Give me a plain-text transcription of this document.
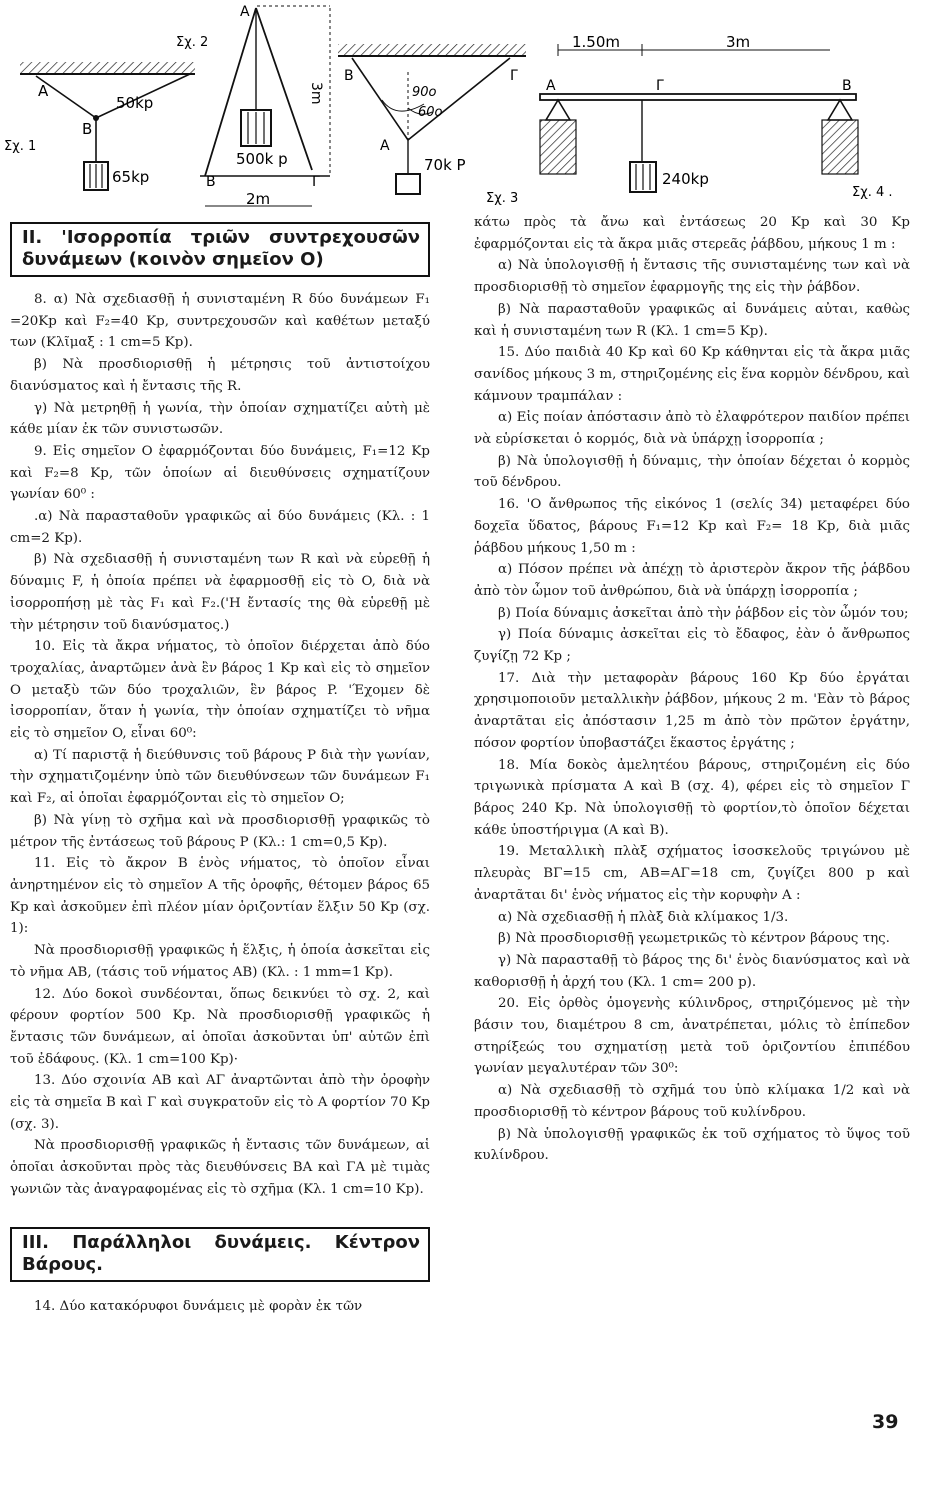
A
B
50kp
65kp
Σχ. 1
Σχ. 2
A
500k p
3m
B	Γ
2m
B	Γ
A
90o
60o
70k P
Σχ. 3
1.50m	3m
A	Γ	B
240kp
Σχ. 4 .
II. 'Ισορροπία τριῶν συντρεχουσῶν δυνάμεων (κοινὸν σημεῖον O)

8. α) Νὰ σχεδιασθῇ ἡ συνισταμένη R δύο δυνάμεων F₁ =20Kp καὶ F₂=40 Kp, συντρεχουσῶν καὶ καθέτων μεταξύ των (Κλῖμαξ : 1 cm=5 Kp).

β) Νὰ προσδιορισθῇ ἡ μέτρησις τοῦ ἀντιστοίχου διανύσματος καὶ ἡ ἔντασις τῆς R.

γ) Νὰ μετρηθῇ ἡ γωνία, τὴν ὁποίαν σχηματίζει αὐτὴ μὲ κάθε μίαν ἐκ τῶν συνιστωσῶν.

9. Εἰς σημεῖον O ἐφαρμόζονται δύο δυνάμεις, F₁=12 Kp καὶ F₂=8 Kp, τῶν ὁποίων αἱ διευθύνσεις σχηματίζουν γωνίαν 60⁰ :

.α) Νὰ παρασταθοῦν γραφικῶς αἱ δύο δυνάμεις (Κλ. : 1 cm=2 Kp).

β) Νὰ σχεδιασθῇ ἡ συνισταμένη των R καὶ νὰ εὑρεθῇ ἡ δύναμις F, ἡ ὁποία πρέπει νὰ ἐφαρμοσθῇ εἰς τὸ O, διὰ νὰ ἰσορροπήσῃ μὲ τὰς F₁ καὶ F₂.('Η ἔντασίς της θὰ εὑρεθῇ μὲ τὴν μέτρησιν τοῦ διανύσματος.)

10. Εἰς τὰ ἄκρα νήματος, τὸ ὁποῖον διέρχεται ἀπὸ δύο τροχαλίας, ἀναρτῶμεν ἀνὰ ἓν βάρος 1 Kp καὶ εἰς τὸ σημεῖον O μεταξὺ τῶν δύο τροχαλιῶν, ἓν βάρος P. 'Έχομεν δὲ ἰσορροπίαν, ὅταν ἡ γωνία, τὴν ὁποίαν σχηματίζει τὸ νῆμα εἰς τὸ σημεῖον O, εἶναι 60⁰:

α) Τί παριστᾷ ἡ διεύθυνσις τοῦ βάρους P διὰ τὴν γωνίαν, τὴν σχηματιζομένην ὑπὸ τῶν διευθύνσεων τῶν δυνάμεων F₁ καὶ F₂, αἱ ὁποῖαι ἐφαρμόζονται εἰς τὸ σημεῖον O;

β) Νὰ γίνῃ τὸ σχῆμα καὶ νὰ προσδιορισθῇ γραφικῶς τὸ μέτρον τῆς ἐντάσεως τοῦ βάρους P (Κλ.: 1 cm=0,5 Kp).

11. Εἰς τὸ ἄκρον B ἑνὸς νήματος, τὸ ὁποῖον εἶναι ἀνηρτημένον εἰς τὸ σημεῖον A τῆς ὀροφῆς, θέτομεν βάρος 65 Kp καὶ ἀσκοῦμεν ἐπὶ πλέον μίαν ὁριζοντίαν ἕλξιν 50 Kp (σχ. 1):

Νὰ προσδιορισθῇ γραφικῶς ἡ ἕλξις, ἡ ὁποία ἀσκεῖται εἰς τὸ νῆμα AB, (τάσις τοῦ νήματος AB) (Κλ. : 1 mm=1 Kp).

12. Δύο δοκοὶ συνδέονται, ὅπως δεικνύει τὸ σχ. 2, καὶ φέρουν φορτίον 500 Kp. Νὰ προσδιορισθῇ γραφικῶς ἡ ἔντασις τῶν δυνάμεων, αἱ ὁποῖαι ἀσκοῦνται ὑπ' αὐτῶν ἐπὶ τοῦ ἐδάφους. (Κλ. 1 cm=100 Kp)·

13. Δύο σχοινία AB καὶ AΓ ἀναρτῶνται ἀπὸ τὴν ὀροφὴν εἰς τὰ σημεῖα B καὶ Γ καὶ συγκρατοῦν εἰς τὸ A φορτίον 70 Kp (σχ. 3).

Νὰ προσδιορισθῇ γραφικῶς ἡ ἔντασις τῶν δυνάμεων, αἱ ὁποῖαι ἀσκοῦνται πρὸς τὰς διευθύνσεις BA καὶ ΓA μὲ τιμὰς γωνιῶν τὰς ἀναγραφομένας εἰς τὸ σχῆμα (Κλ. 1 cm=10 Kp).

III. Παράλληλοι δυνάμεις. Κέντρον Βάρους.

14. Δύο κατακόρυφοι δυνάμεις μὲ φορὰν ἐκ τῶν

κάτω πρὸς τὰ ἄνω καὶ ἐντάσεως 20 Kp καὶ 30 Kp ἐφαρμόζονται εἰς τὰ ἄκρα μιᾶς στερεᾶς ῥάβδου, μήκους 1 m :

α) Νὰ ὑπολογισθῇ ἡ ἔντασις τῆς συνισταμένης των καὶ νὰ προσδιορισθῇ τὸ σημεῖον ἐφαρμογῆς της εἰς τὴν ῥάβδον.

β) Νὰ παρασταθοῦν γραφικῶς αἱ δυνάμεις αὐται, καθὼς καὶ ἡ συνισταμένη των R (Κλ. 1 cm=5 Kp).

15. Δύο παιδιὰ 40 Kp καὶ 60 Kp κάθηνται εἰς τὰ ἄκρα μιᾶς σανίδος μήκους 3 m, στηριζομένης εἰς ἕνα κορμὸν δένδρου, καὶ κάμνουν τραμπάλαν :

α) Εἰς ποίαν ἀπόστασιν ἀπὸ τὸ ἐλαφρότερον παιδίον πρέπει νὰ εὑρίσκεται ὁ κορμός, διὰ νὰ ὑπάρχῃ ἰσορροπία ;

β) Νὰ ὑπολογισθῇ ἡ δύναμις, τὴν ὁποίαν δέχεται ὁ κορμὸς τοῦ δένδρου.

16. 'Ο ἄνθρωπος τῆς εἰκόνος 1 (σελίς 34) μεταφέρει δύο δοχεῖα ὕδατος, βάρους F₁=12 Kp καὶ F₂= 18 Kp, διὰ μιᾶς ῥάβδου μήκους 1,50 m :

α) Πόσον πρέπει νὰ ἀπέχῃ τὸ ἀριστερὸν ἄκρον τῆς ῥάβδου ἀπὸ τὸν ὦμον τοῦ ἀνθρώπου, διὰ νὰ ὑπάρχῃ ἰσορροπία ;

β) Ποία δύναμις ἀσκεῖται ἀπὸ τὴν ῥάβδον εἰς τὸν ὦμόν του;

γ) Ποία δύναμις ἀσκεῖται εἰς τὸ ἔδαφος, ἐὰν ὁ ἄνθρωπος ζυγίζῃ 72 Kp ;

17. Διὰ τὴν μεταφορὰν βάρους 160 Kp δύο ἐργάται χρησιμοποιοῦν μεταλλικὴν ῥάβδον, μήκους 2 m. 'Εὰν τὸ βάρος ἀναρτᾶται εἰς ἀπόστασιν 1,25 m ἀπὸ τὸν πρῶτον ἐργάτην, πόσον φορτίον ὑποβαστάζει ἕκαστος ἐργάτης ;

18. Μία δοκὸς ἀμελητέου βάρους, στηριζομένη εἰς δύο τριγωνικὰ πρίσματα A καὶ B (σχ. 4), φέρει εἰς τὸ σημεῖον Γ βάρος 240 Kp. Νὰ ὑπολογισθῇ τὸ φορτίον,τὸ ὁποῖον δέχεται κάθε ὑποστήριγμα (A καὶ B).

19. Μεταλλικὴ πλὰξ σχήματος ἰσοσκελοῦς τριγώνου μὲ πλευρὰς BΓ=15 cm, AB=AΓ=18 cm, ζυγίζει 800 p καὶ ἀναρτᾶται δι' ἑνὸς νήματος εἰς τὴν κορυφὴν A :

α) Νὰ σχεδιασθῇ ἡ πλὰξ διὰ κλίμακος 1/3.

β) Νὰ προσδιορισθῇ γεωμετρικῶς τὸ κέντρον βάρους της.

γ) Νὰ παρασταθῇ τὸ βάρος της δι' ἑνὸς διανύσματος καὶ νὰ καθορισθῇ ἡ ἀρχή του (Κλ. 1 cm= 200 p).

20. Εἰς ὀρθὸς ὁμογενὴς κύλινδρος, στηριζόμενος μὲ τὴν βάσιν του, διαμέτρου 8 cm, ἀνατρέπεται, μόλις τὸ ἐπίπεδον στηρίξεώς του σχηματίσῃ μετὰ τοῦ ὁριζοντίου ἐπιπέδου γωνίαν μεγαλυτέραν τῶν 30⁰:

α) Νὰ σχεδιασθῇ τὸ σχῆμά του ὑπὸ κλίμακα 1/2 καὶ νὰ προσδιορισθῇ τὸ κέντρον βάρους τοῦ κυλίνδρου.

β) Νὰ ὑπολογισθῇ γραφικῶς ἐκ τοῦ σχήματος τὸ ὕψος τοῦ κυλίνδρου.

39
